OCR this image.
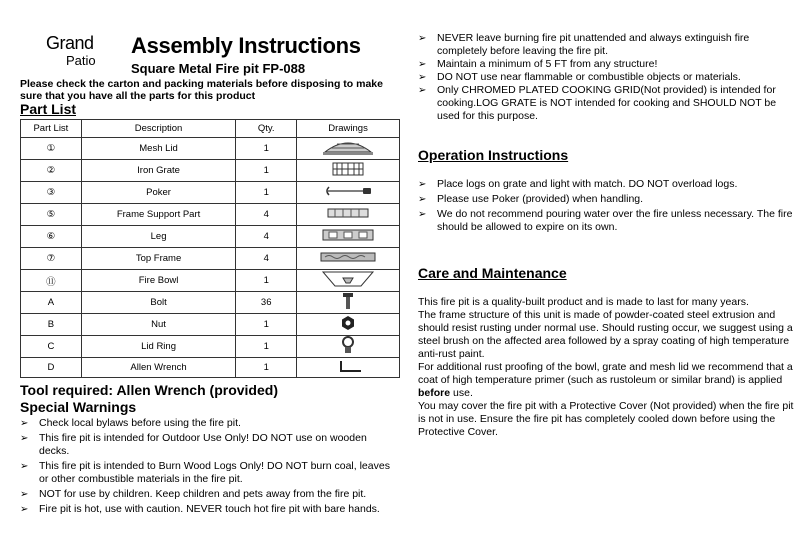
Grand
Patio
Assembly Instructions
Square Metal Fire pit FP-088
Please check the carton and packing materials before disposing to make sure that you have all the parts for this product
Part List
Part List	Description	Qty.	Drawings
①	Mesh Lid	1	
②	Iron Grate	1	
③	Poker	1	
⑤	Frame Support Part	4	
⑥	Leg	4	
⑦	Top Frame	4	
⑪	Fire Bowl	1	
A	Bolt	36	
B	Nut	1	
C	Lid Ring	1	
D	Allen Wrench	1	
Tool required: Allen Wrench (provided)
Special Warnings
➢ Check local bylaws before using the fire pit.
➢ This fire pit is intended for Outdoor Use Only! DO NOT use on wooden decks.
➢ This fire pit is intended to Burn Wood Logs Only! DO NOT burn coal, leaves or other combustible materials in the fire pit.
➢ NOT for use by children. Keep children and pets away from the fire pit.
➢ Fire pit is hot, use with caution. NEVER touch hot fire pit with bare hands.
➢ NEVER leave burning fire pit unattended and always extinguish fire completely before leaving the fire pit.
➢ Maintain a minimum of 5 FT from any structure!
➢ DO NOT use near flammable or combustible objects or materials.
➢ Only CHROMED PLATED COOKING GRID(Not provided) is intended for cooking.LOG GRATE is NOT intended for cooking and SHOULD NOT be used for this purpose.
Operation Instructions
➢ Place logs on grate and light with match. DO NOT overload logs.
➢ Please use Poker (provided) when handling.
➢ We do not recommend pouring water over the fire unless necessary. The fire should be allowed to expire on its own.
Care and Maintenance

This fire pit is a quality-built product and is made to last for many years.

The frame structure of this unit is made of powder-coated steel extrusion and should resist rusting under normal use. Should rusting occur, we suggest using a steel brush on the affected area followed by a spray coating of high temperature anti-rust paint.

For additional rust proofing of the bowl, grate and mesh lid we recommend that a coat of high temperature primer (such as rustoleum or similar brand) is applied before use.

You may cover the fire pit with a Protective Cover (Not provided) when the fire pit is not in use. Ensure the fire pit has completely cooled down before using the Protective Cover.
